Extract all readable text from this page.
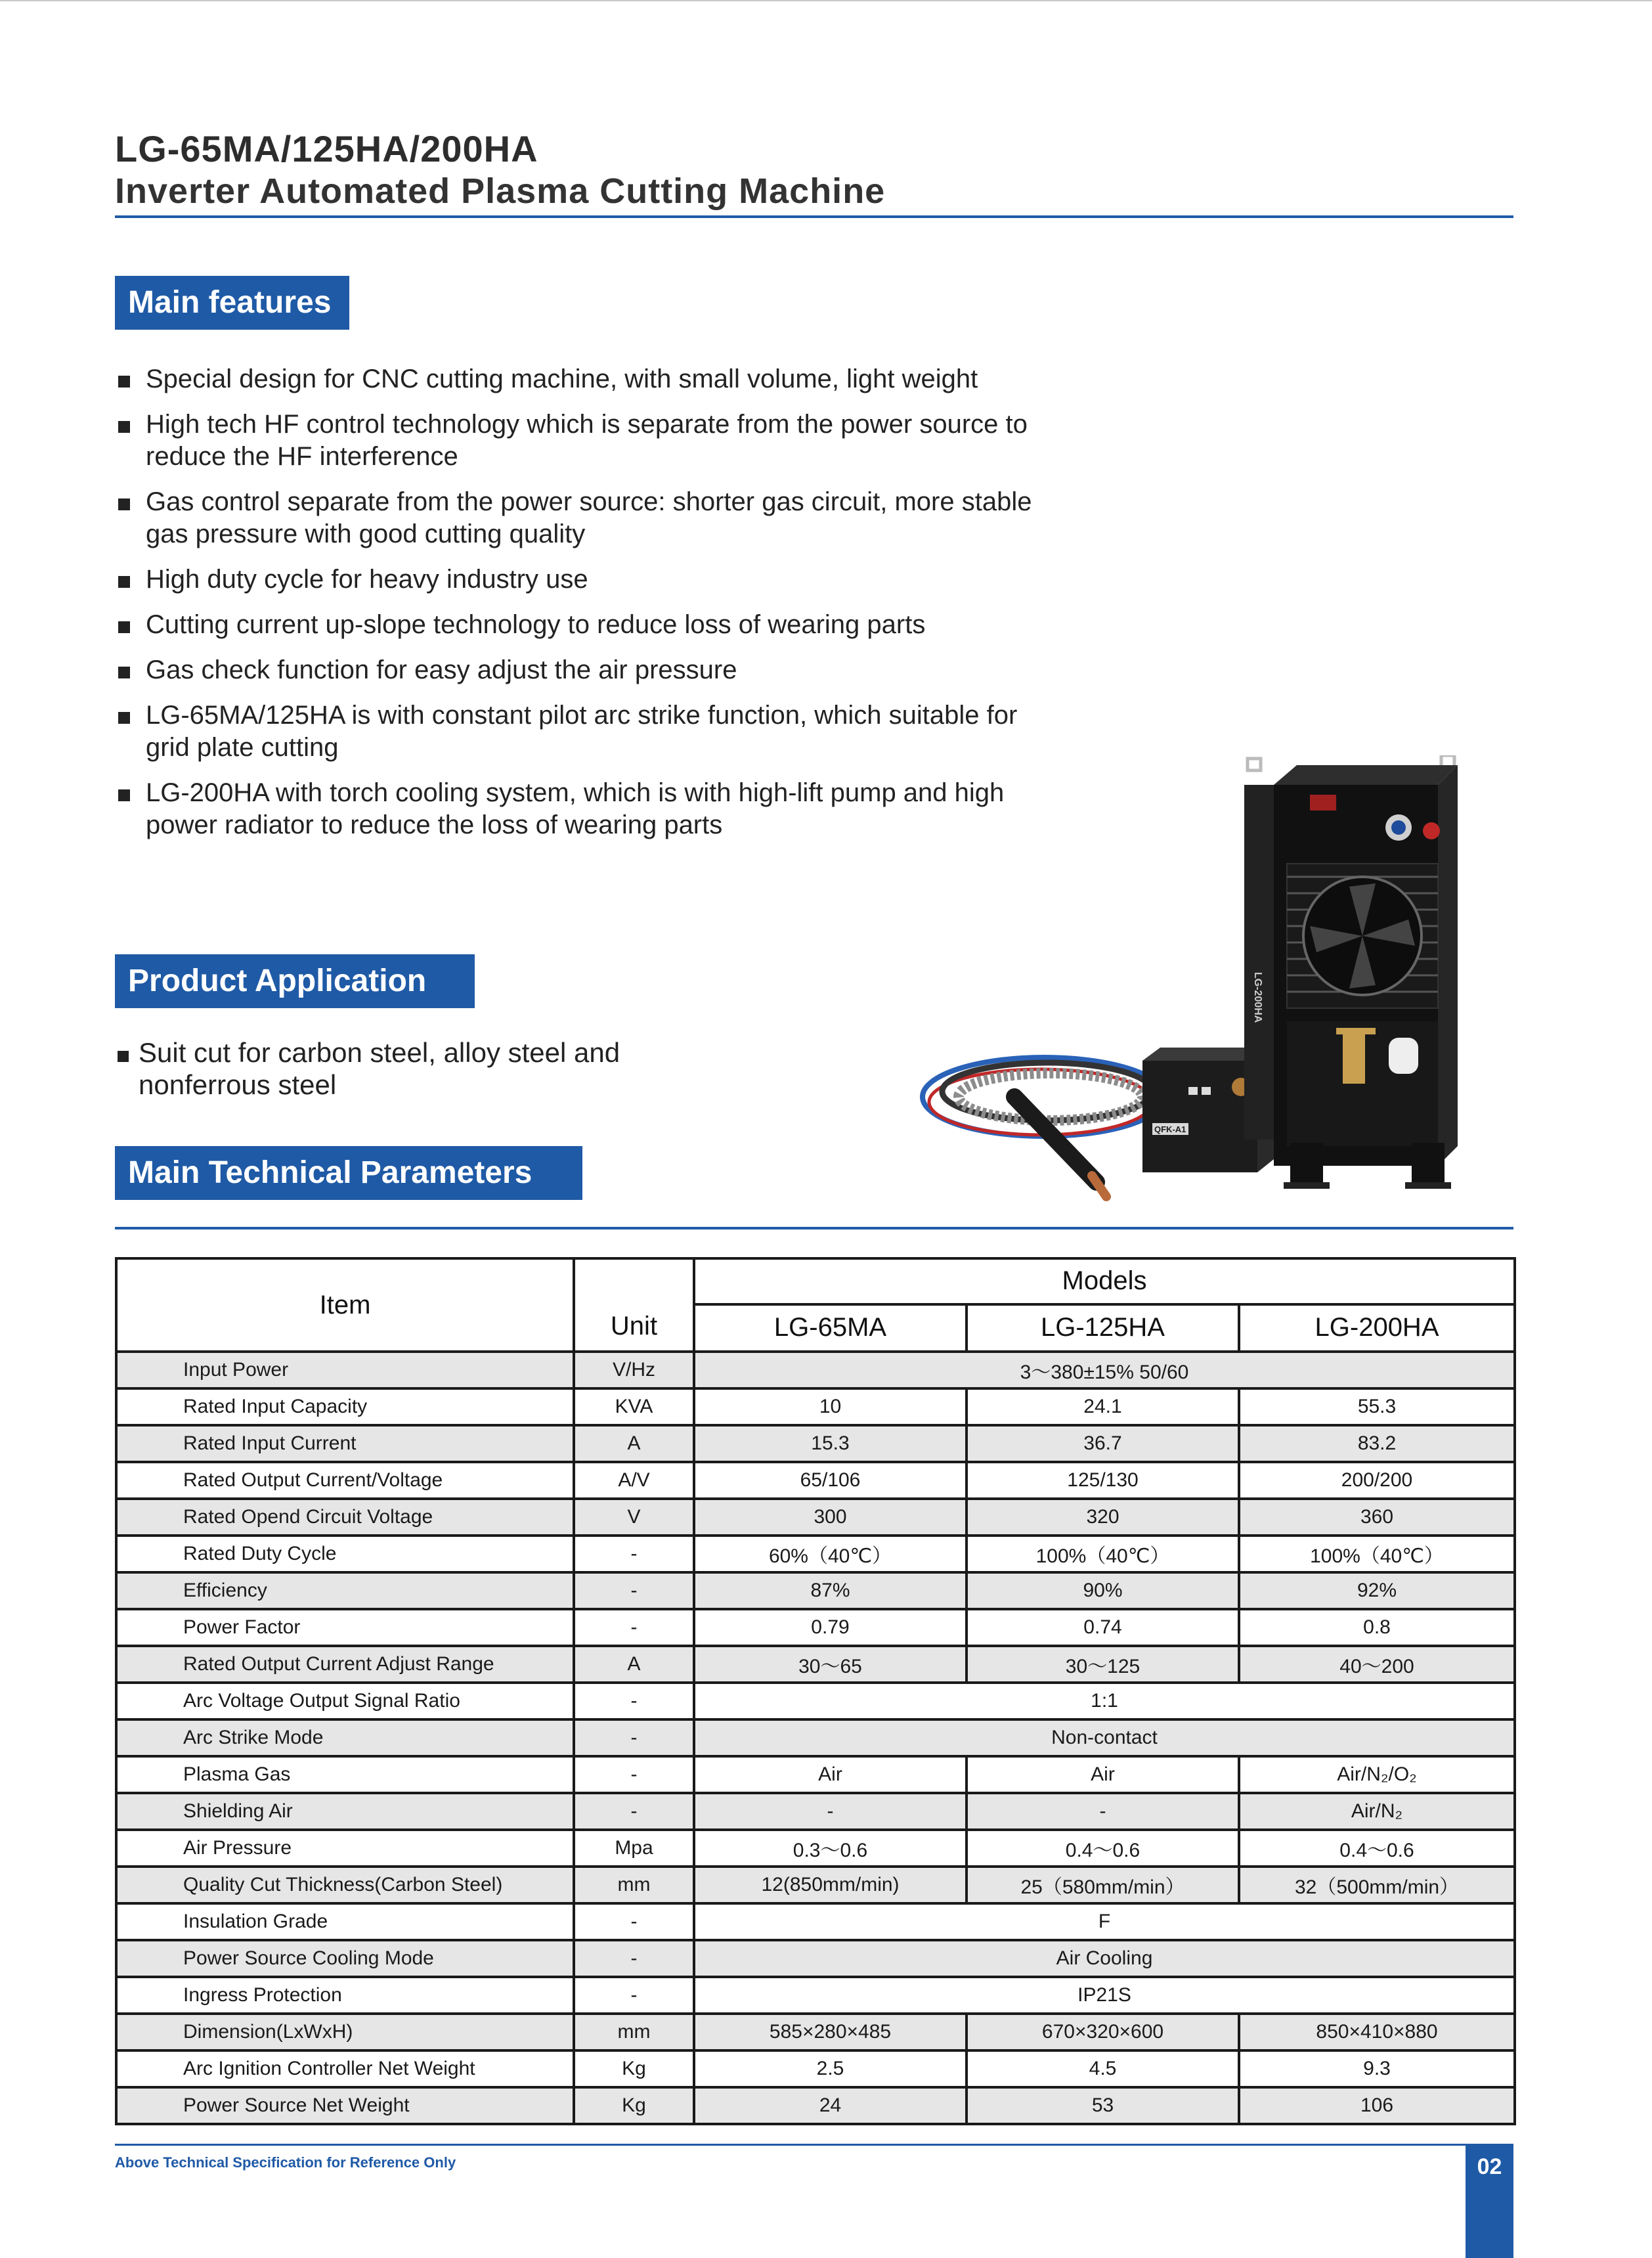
LG-65MA/125HA/200HA
Inverter Automated Plasma Cutting Machine
Main features
Special design for CNC cutting machine, with small volume, light weight
High tech HF control technology which is separate from the power source to
reduce the HF interference
Gas control separate from the power source: shorter gas circuit, more stable
gas pressure with good cutting quality
High duty cycle for heavy industry use
Cutting current up-slope technology to reduce loss of wearing parts
Gas check function for easy adjust the air pressure
LG-65MA/125HA is with constant pilot arc strike function, which suitable for
grid plate cutting
LG-200HA with torch cooling system, which is with high-lift pump and high
power radiator to reduce the loss of wearing parts
Product Application
Suit cut for carbon steel, alloy steel and
nonferrous steel
Main Technical Parameters
QFK-A1
LG-200HA
Item	Unit	Models		
		LG-65MA	LG-125HA	LG-200HA
Input Power	V/Hz	3～380±15% 50/60		
Rated Input Capacity	KVA	10	24.1	55.3
Rated Input Current	A	15.3	36.7	83.2
Rated Output Current/Voltage	A/V	65/106	125/130	200/200
Rated Opend Circuit Voltage	V	300	320	360
Rated Duty Cycle	-	60%（40℃）	100%（40℃）	100%（40℃）
Efficiency	-	87%	90%	92%
Power Factor	-	0.79	0.74	0.8
Rated Output Current Adjust Range	A	30～65	30～125	40～200
Arc Voltage Output Signal Ratio	-	1:1		
Arc Strike Mode	-	Non-contact		
Plasma Gas	-	Air	Air	Air/N₂/O₂
Shielding Air	-	-	-	Air/N₂
Air Pressure	Mpa	0.3～0.6	0.4～0.6	0.4～0.6
Quality Cut Thickness(Carbon Steel)	mm	12(850mm/min)	25（580mm/min）	32（500mm/min）
Insulation Grade	-	F		
Power Source Cooling Mode	-	Air Cooling		
Ingress Protection	-	IP21S		
Dimension(LxWxH)	mm	585×280×485	670×320×600	850×410×880
Arc Ignition Controller Net Weight	Kg	2.5	4.5	9.3
Power Source Net Weight	Kg	24	53	106
Above Technical Specification for Reference Only	02
